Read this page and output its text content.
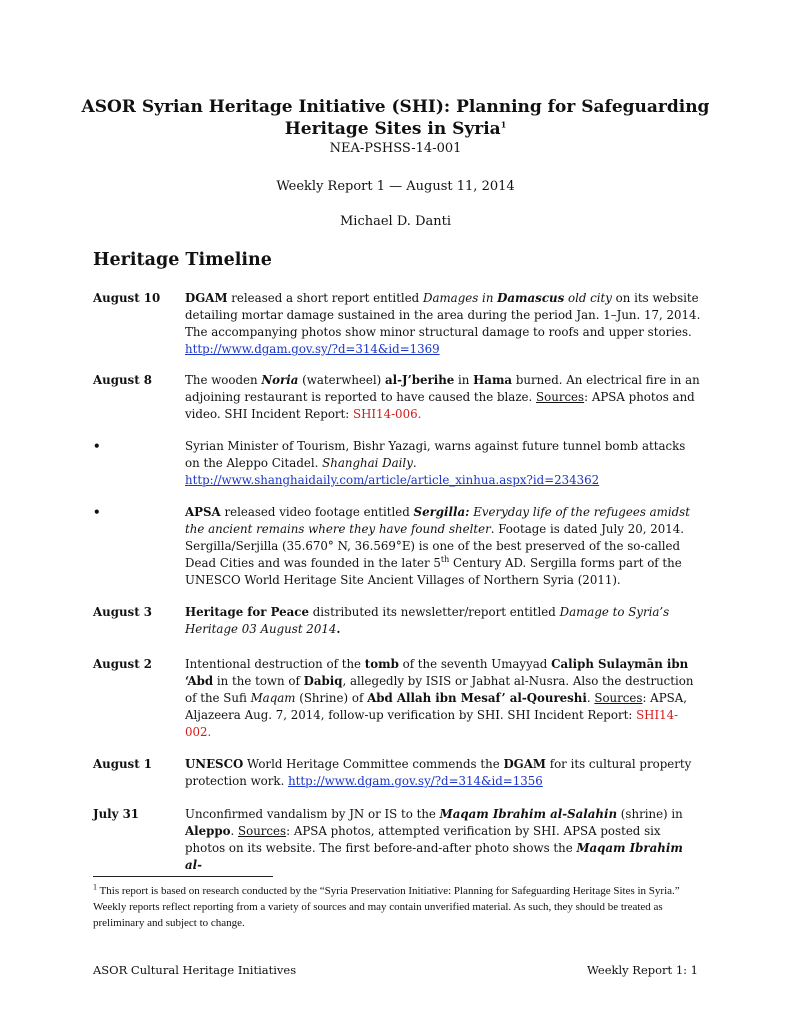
ASOR Syrian Heritage Initiative (SHI): Planning for Safeguarding
Heritage Sites in Syria$^1$
NEA-PSHSS-14-001
Weekly Report 1 — August 11, 2014
Michael D. Danti
Heritage Timeline
August 10	DGAM released a short report entitled Damages in Damascus old city on its website detailing mortar damage sustained in the area during the period Jan. 1–Jun. 17, 2014. The accompanying photos show minor structural damage to roofs and upper stories. http://www.dgam.gov.sy/?d=314&id=1369
August 8	The wooden Noria (waterwheel) al-J’berihe in Hama burned. An electrical fire in an adjoining restaurant is reported to have caused the blaze. Sources: APSA photos and video. SHI Incident Report: SHI14-006.
•	Syrian Minister of Tourism, Bishr Yazagi, warns against future tunnel bomb attacks on the Aleppo Citadel. Shanghai Daily. http://www.shanghaidaily.com/article/article_xinhua.aspx?id=234362
•	APSA released video footage entitled Sergilla: Everyday life of the refugees amidst the ancient remains where they have found shelter. Footage is dated July 20, 2014. Sergilla/Serjilla (35.670° N, 36.569°E) is one of the best preserved of the so-called Dead Cities and was founded in the later 5th Century AD. Sergilla forms part of the UNESCO World Heritage Site Ancient Villages of Northern Syria (2011).
August 3	Heritage for Peace distributed its newsletter/report entitled Damage to Syria’s Heritage 03 August 2014.
August 2	Intentional destruction of the tomb of the seventh Umayyad Caliph Sulaymān ibn ‘Abd in the town of Dabiq, allegedly by ISIS or Jabhat al-Nusra. Also the destruction of the Sufi Maqam (Shrine) of Abd Allah ibn Mesaf’ al-Qoureshi. Sources: APSA, Aljazeera Aug. 7, 2014, follow-up verification by SHI. SHI Incident Report: SHI14-002.
August 1	UNESCO World Heritage Committee commends the DGAM for its cultural property protection work. http://www.dgam.gov.sy/?d=314&id=1356
July 31	Unconfirmed vandalism by JN or IS to the Maqam Ibrahim al-Salahin (shrine) in Aleppo. Sources: APSA photos, attempted verification by SHI. APSA posted six photos on its website. The first before-and-after photo shows the Maqam Ibrahim al-
$^1$ This report is based on research conducted by the “Syria Preservation Initiative: Planning for Safeguarding Heritage Sites in Syria.” Weekly reports reflect reporting from a variety of sources and may contain unverified material. As such, they should be treated as preliminary and subject to change.
ASOR Cultural Heritage Initiatives	Weekly Report 1: 1
